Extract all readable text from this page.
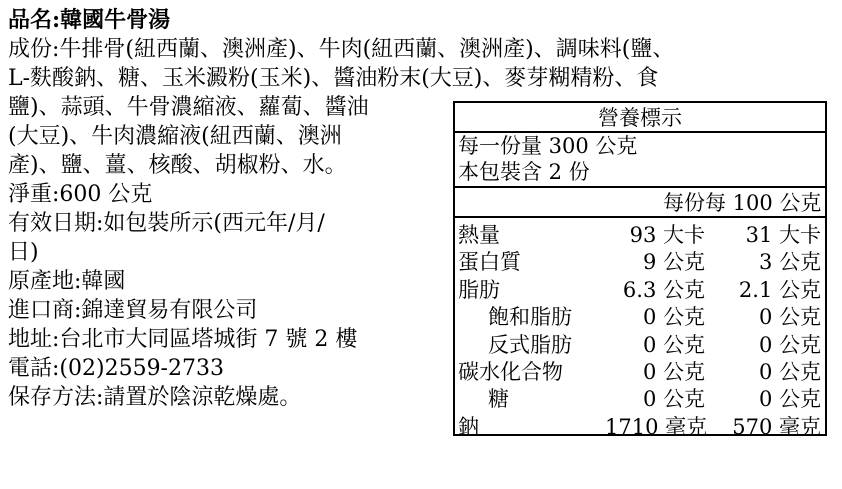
品名:韓國牛骨湯
成份:牛排骨(紐西蘭、澳洲產)、牛肉(紐西蘭、澳洲產)、調味料(鹽、
L-麩酸鈉、糖、玉米澱粉(玉米)、醬油粉末(大豆)、麥芽糊精粉、食
鹽)、蒜頭、牛骨濃縮液、蘿蔔、醬油
(大豆)、牛肉濃縮液(紐西蘭、澳洲
產)、鹽、薑、核酸、胡椒粉、水。
淨重:600 公克
有效日期:如包裝所示(西元年/月/
日)
原產地:韓國
進口商:錦達貿易有限公司
地址:台北市大同區塔城街 7 號 2 樓
電話:(02)2559-2733
保存方法:請置於陰涼乾燥處。
營養標示
每一份量 300 公克
本包裝含 2 份
每份 每 100 公克
熱量	93 大卡	31 大卡
蛋白質	9 公克	3 公克
脂肪	6.3 公克	2.1 公克
飽和脂肪	0 公克	0 公克
反式脂肪	0 公克	0 公克
碳水化合物	0 公克	0 公克
糖	0 公克	0 公克
鈉	1710 毫克	570 毫克
